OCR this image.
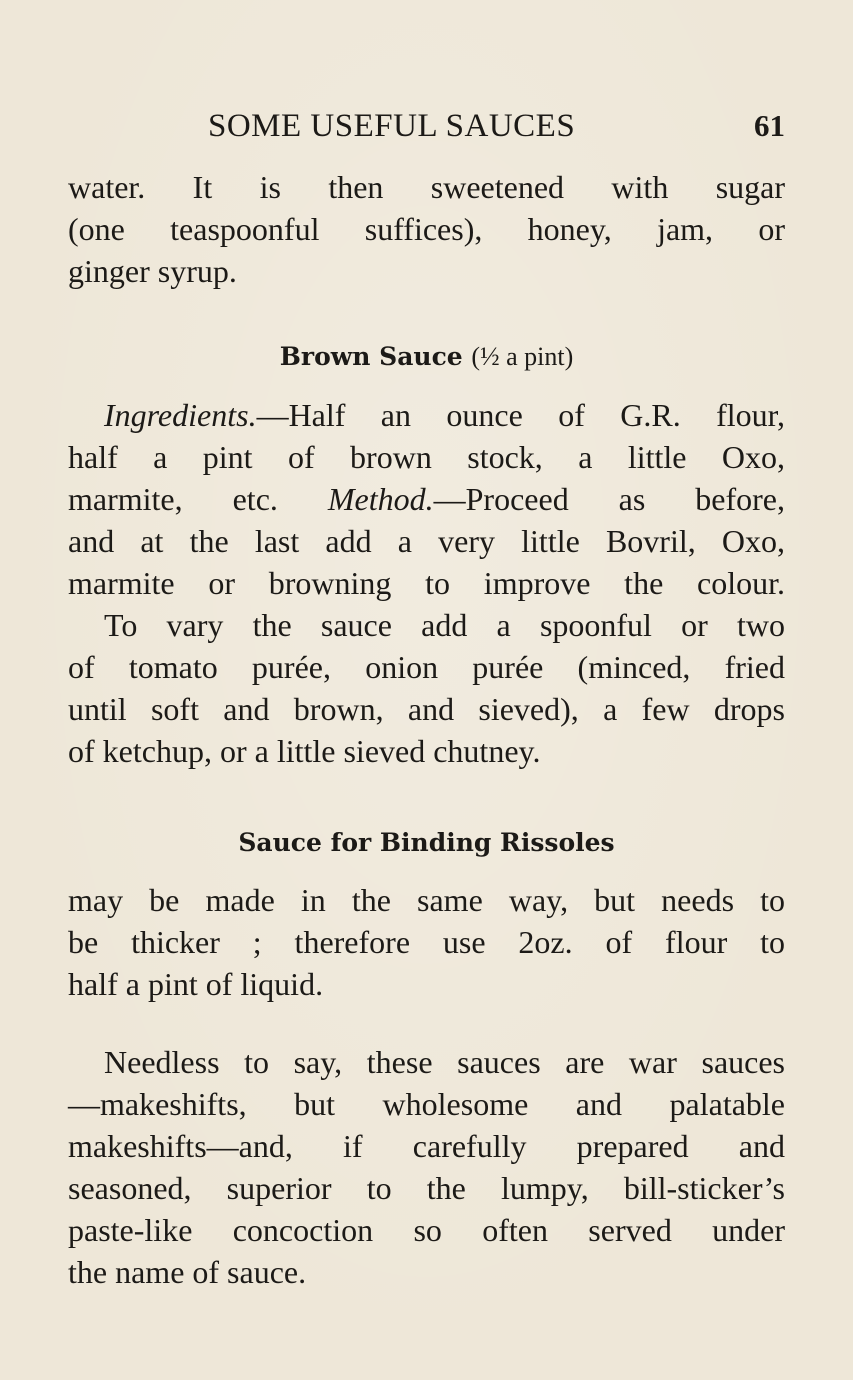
SOME USEFUL SAUCES	61
water. It is then sweetened with sugar
(one teaspoonful suffices), honey, jam, or
ginger syrup.
Brown Sauce (½ a pint)
Ingredients.—Half an ounce of G.R. flour,
half a pint of brown stock, a little Oxo,
marmite, etc. Method.—Proceed as before,
and at the last add a very little Bovril, Oxo,
marmite or browning to improve the colour.
To vary the sauce add a spoonful or two
of tomato purée, onion purée (minced, fried
until soft and brown, and sieved), a few drops
of ketchup, or a little sieved chutney.
Sauce for Binding Rissoles
may be made in the same way, but needs to
be thicker ; therefore use 2oz. of flour to
half a pint of liquid.
Needless to say, these sauces are war sauces
—makeshifts, but wholesome and palatable
makeshifts—and, if carefully prepared and
seasoned, superior to the lumpy, bill-sticker’s
paste-like concoction so often served under
the name of sauce.
